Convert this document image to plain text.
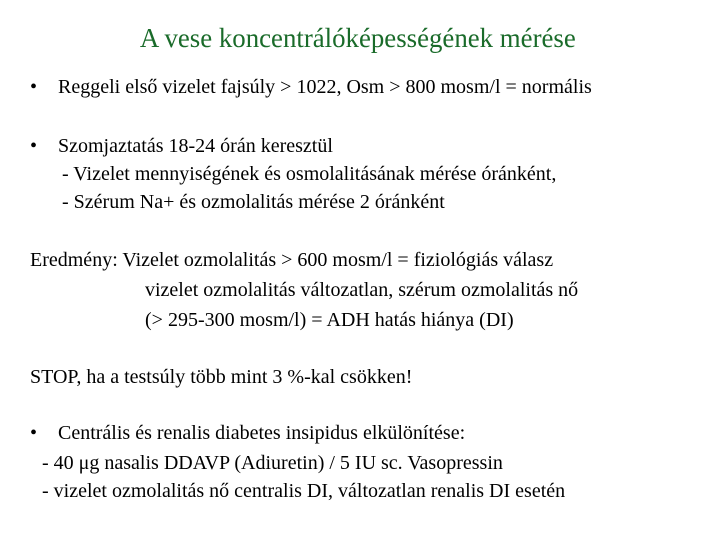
A vese koncentrálóképességének mérése
• Reggeli első vizelet fajsúly > 1022, Osm > 800 mosm/l = normális
• Szomjaztatás 18-24 órán keresztül
- Vizelet mennyiségének és osmolalitásának mérése óránként,
- Szérum Na+ és ozmolalitás mérése 2 óránként
Eredmény: Vizelet ozmolalitás > 600 mosm/l = fiziológiás válasz
vizelet ozmolalitás változatlan, szérum ozmolalitás nő
(> 295-300 mosm/l) = ADH hatás hiánya (DI)
STOP, ha a testsúly több mint 3 %-kal csökken!
• Centrális és renalis diabetes insipidus elkülönítése:
- 40 μg nasalis DDAVP (Adiuretin) / 5 IU sc. Vasopressin
- vizelet ozmolalitás nő centralis DI, változatlan renalis DI esetén
